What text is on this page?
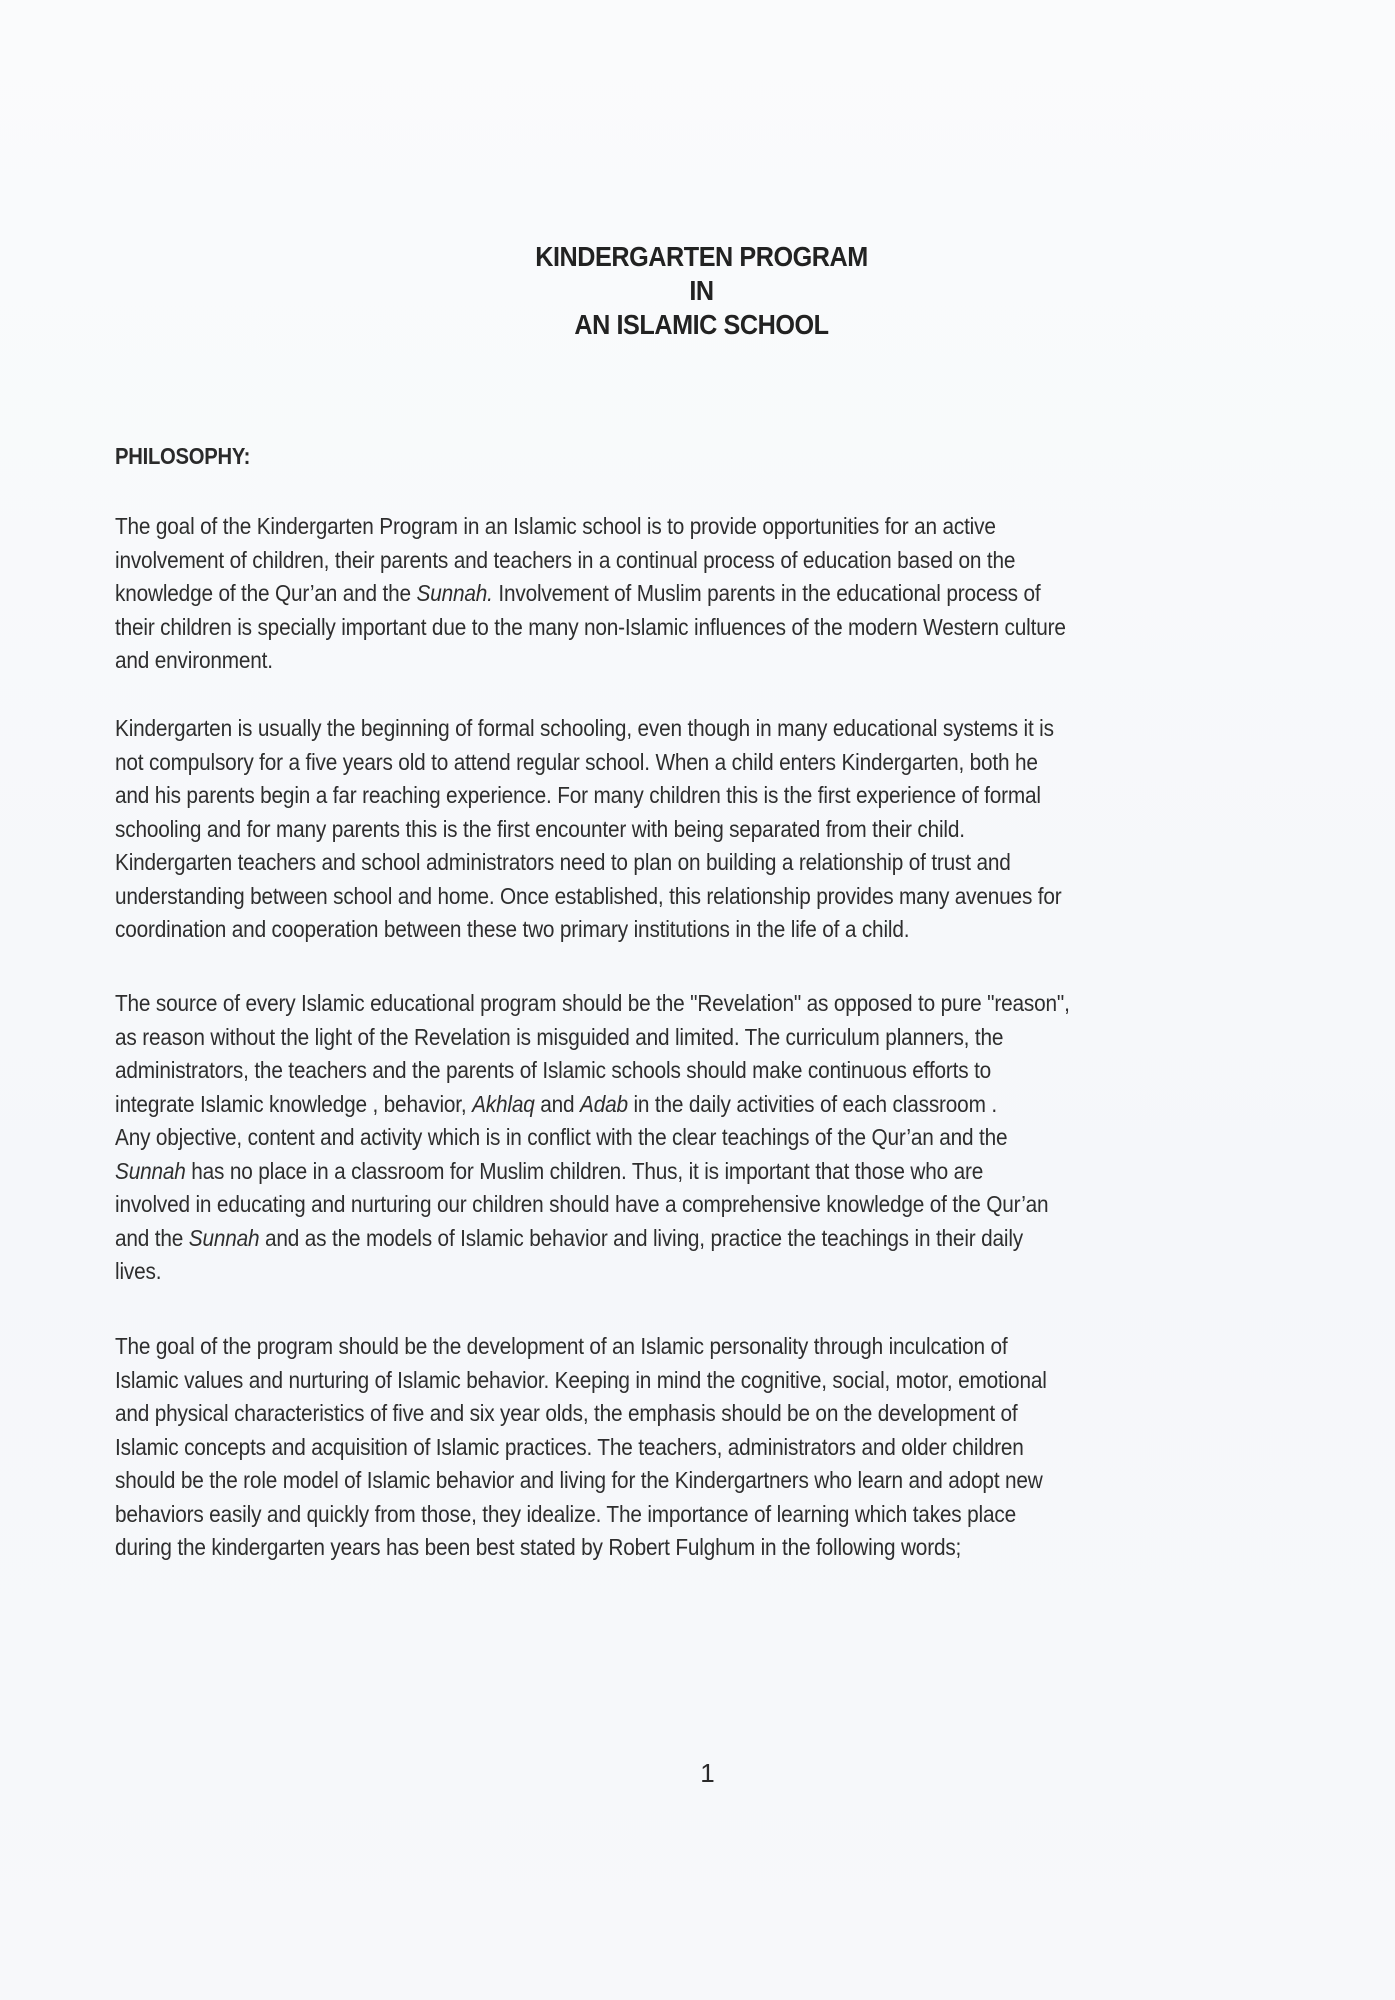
KINDERGARTEN PROGRAM
IN
AN ISLAMIC SCHOOL
PHILOSOPHY:
The goal of the Kindergarten Program in an Islamic school is to provide opportunities for an active
involvement of children, their parents and teachers in a continual process of education based on the
knowledge of the Qur’an and the Sunnah. Involvement of Muslim parents in the educational process of
their children is specially important due to the many non-Islamic influences of the modern Western culture
and environment.
Kindergarten is usually the beginning of formal schooling, even though in many educational systems it is
not compulsory for a five years old to attend regular school. When a child enters Kindergarten, both he
and his parents begin a far reaching experience. For many children this is the first experience of formal
schooling and for many parents this is the first encounter with being separated from their child.
Kindergarten teachers and school administrators need to plan on building a relationship of trust and
understanding between school and home. Once established, this relationship provides many avenues for
coordination and cooperation between these two primary institutions in the life of a child.
The source of every Islamic educational program should be the "Revelation" as opposed to pure "reason",
as reason without the light of the Revelation is misguided and limited. The curriculum planners, the
administrators, the teachers and the parents of Islamic schools should make continuous efforts to
integrate Islamic knowledge , behavior, Akhlaq and Adab in the daily activities of each classroom .
Any objective, content and activity which is in conflict with the clear teachings of the Qur’an and the
Sunnah has no place in a classroom for Muslim children. Thus, it is important that those who are
involved in educating and nurturing our children should have a comprehensive knowledge of the Qur’an
and the Sunnah and as the models of Islamic behavior and living, practice the teachings in their daily
lives.
The goal of the program should be the development of an Islamic personality through inculcation of
Islamic values and nurturing of Islamic behavior. Keeping in mind the cognitive, social, motor, emotional
and physical characteristics of five and six year olds, the emphasis should be on the development of
Islamic concepts and acquisition of Islamic practices. The teachers, administrators and older children
should be the role model of Islamic behavior and living for the Kindergartners who learn and adopt new
behaviors easily and quickly from those, they idealize. The importance of learning which takes place
during the kindergarten years has been best stated by Robert Fulghum in the following words;
1
